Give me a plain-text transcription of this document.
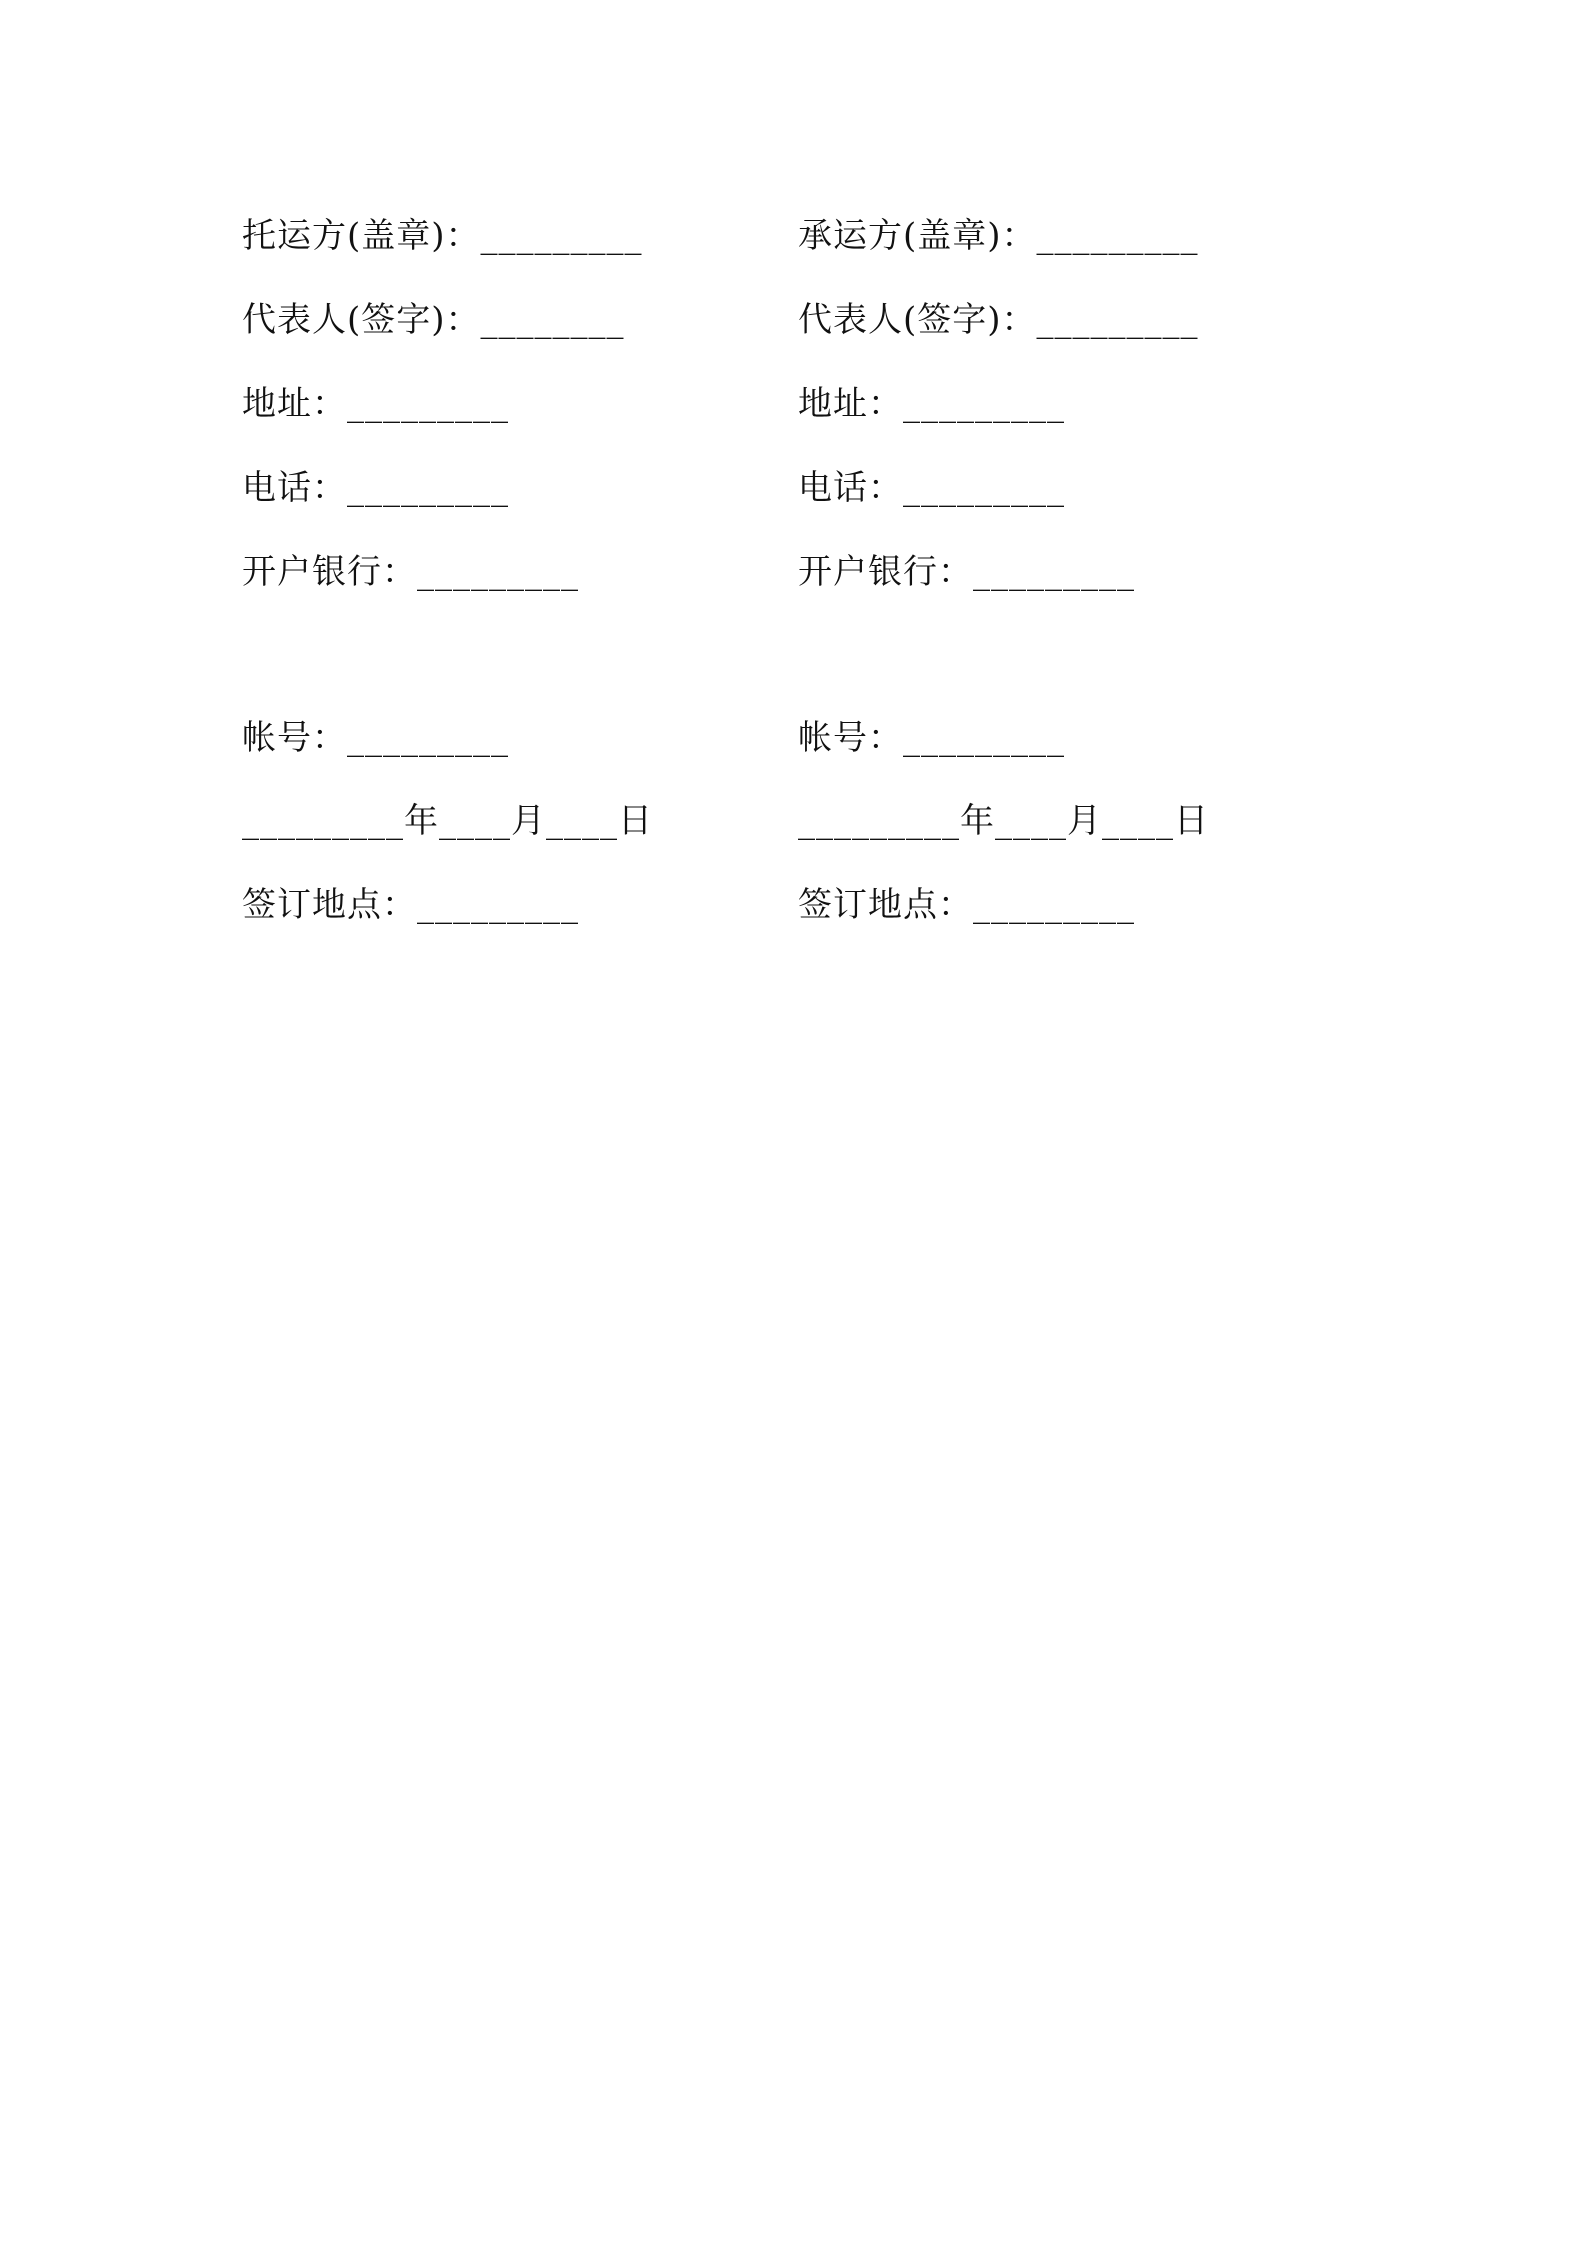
托运方(盖章)：_________
代表人(签字)：________
地址：_________
电话：_________
开户银行：_________
帐号：_________
_________年____月____日
签订地点：_________
承运方(盖章)：_________
代表人(签字)：_________
地址：_________
电话：_________
开户银行：_________
帐号：_________
_________年____月____日
签订地点：_________
